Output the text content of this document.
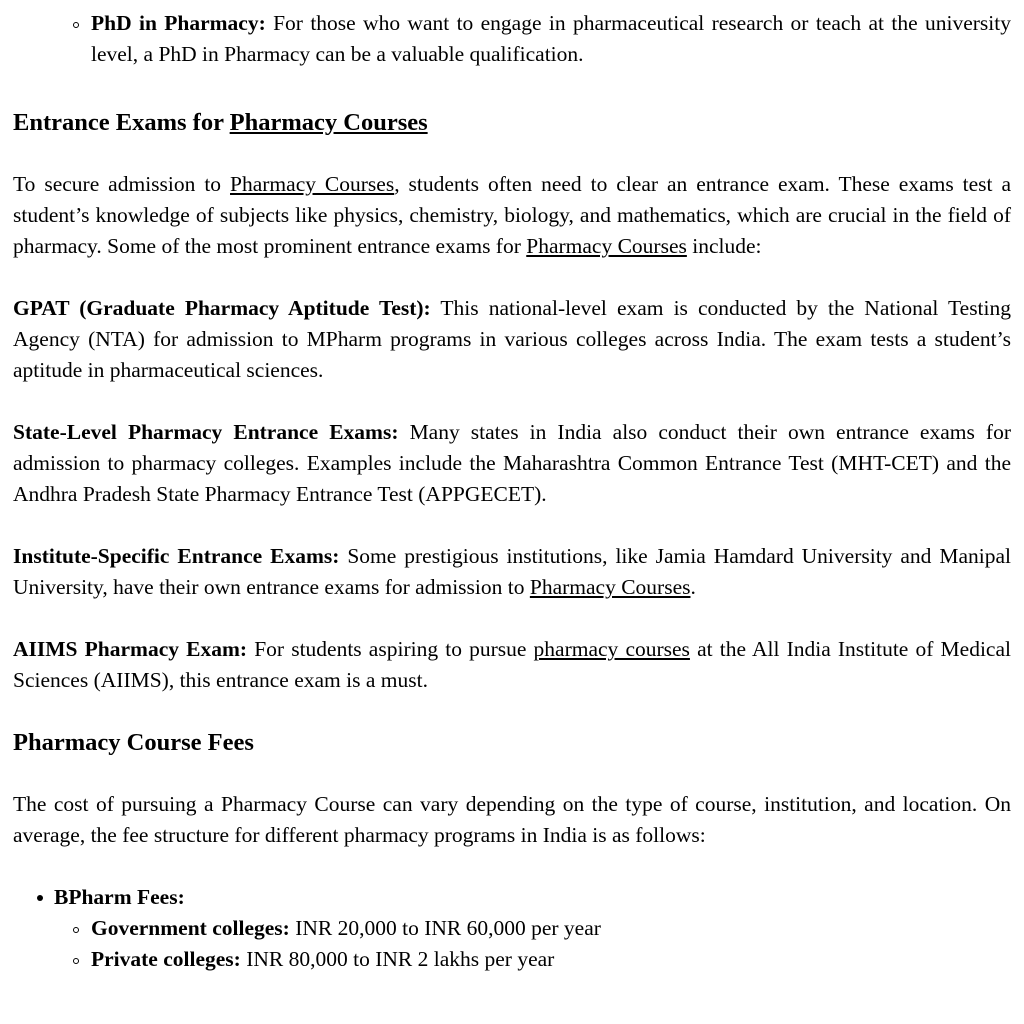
PhD in Pharmacy: For those who want to engage in pharmaceutical research or teach at the university level, a PhD in Pharmacy can be a valuable qualification.
Entrance Exams for Pharmacy Courses

To secure admission to Pharmacy Courses, students often need to clear an entrance exam. These exams test a student’s knowledge of subjects like physics, chemistry, biology, and mathematics, which are crucial in the field of pharmacy. Some of the most prominent entrance exams for Pharmacy Courses include:

GPAT (Graduate Pharmacy Aptitude Test): This national-level exam is conducted by the National Testing Agency (NTA) for admission to MPharm programs in various colleges across India. The exam tests a student’s aptitude in pharmaceutical sciences.

State-Level Pharmacy Entrance Exams: Many states in India also conduct their own entrance exams for admission to pharmacy colleges. Examples include the Maharashtra Common Entrance Test (MHT-CET) and the Andhra Pradesh State Pharmacy Entrance Test (APPGECET).

Institute-Specific Entrance Exams: Some prestigious institutions, like Jamia Hamdard University and Manipal University, have their own entrance exams for admission to Pharmacy Courses.

AIIMS Pharmacy Exam: For students aspiring to pursue pharmacy courses at the All India Institute of Medical Sciences (AIIMS), this entrance exam is a must.

Pharmacy Course Fees

The cost of pursuing a Pharmacy Course can vary depending on the type of course, institution, and location. On average, the fee structure for different pharmacy programs in India is as follows:

BPharm Fees:
Government colleges: INR 20,000 to INR 60,000 per year
Private colleges: INR 80,000 to INR 2 lakhs per year
